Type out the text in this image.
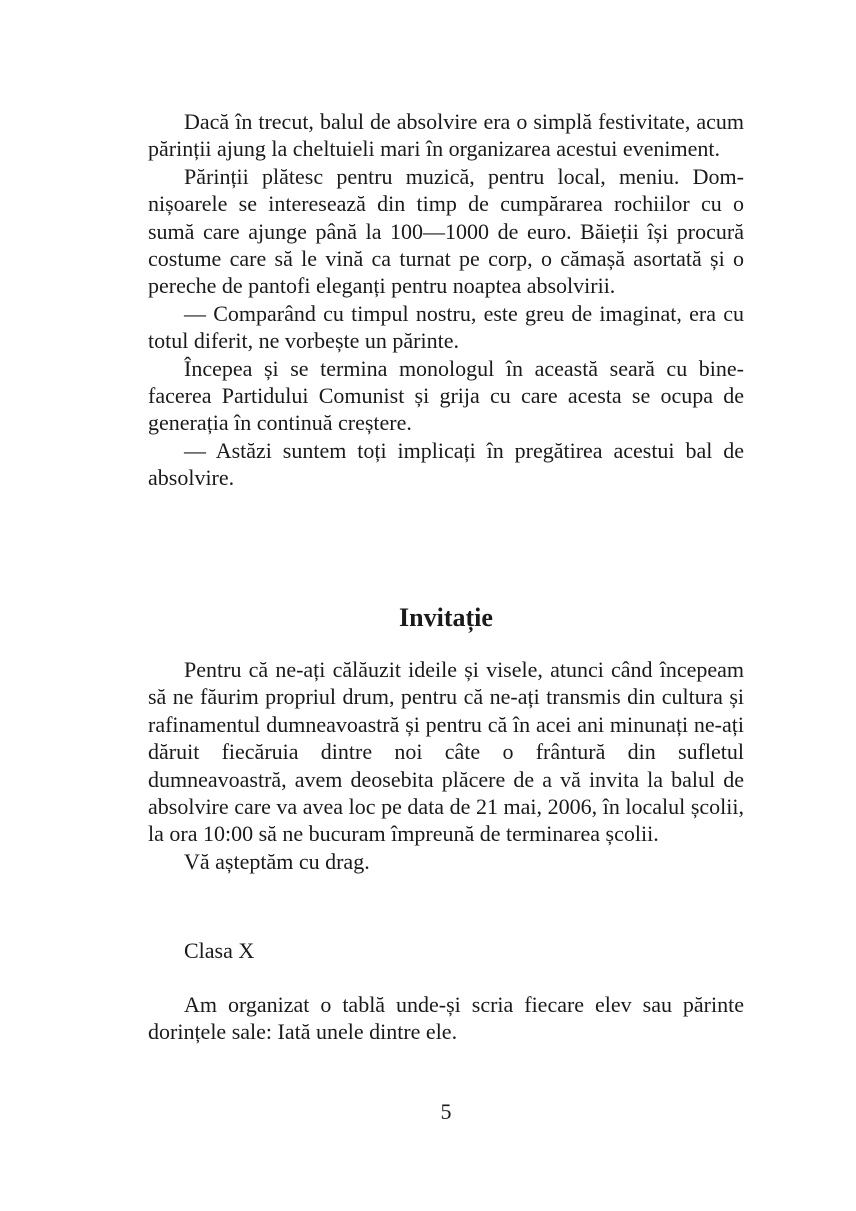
Dacă în trecut, balul de absolvire era o simplă festivitate, acum părinții ajung la cheltuieli mari în organizarea acestui eveniment.

Părinții plătesc pentru muzică, pentru local, meniu. Domnișoarele se interesează din timp de cumpărarea rochiilor cu o sumă care ajunge până la 100—1000 de euro. Băieții își procură costume care să le vină ca turnat pe corp, o cămașă asortată și o pereche de pantofi eleganți pentru noaptea absolvirii.

— Comparând cu timpul nostru, este greu de imaginat, era cu totul diferit, ne vorbește un părinte.

Începea și se termina monologul în această seară cu binefacerea Partidului Comunist și grija cu care acesta se ocupa de generația în continuă creștere.

— Astăzi suntem toți implicați în pregătirea acestui bal de absolvire.

Invitație

Pentru că ne-ați călăuzit ideile și visele, atunci când începeam să ne făurim propriul drum, pentru că ne-ați transmis din cultura și rafinamentul dumneavoastră și pentru că în acei ani minunați ne-ați dăruit fiecăruia dintre noi câte o frântură din sufletul dumneavoastră, avem deosebita plăcere de a vă invita la balul de absolvire care va avea loc pe data de 21 mai, 2006, în localul școlii, la ora 10:00 să ne bucuram împreună de terminarea școlii.

Vă așteptăm cu drag.

Clasa X

Am organizat o tablă unde-și scria fiecare elev sau părinte dorințele sale: Iată unele dintre ele.

5
